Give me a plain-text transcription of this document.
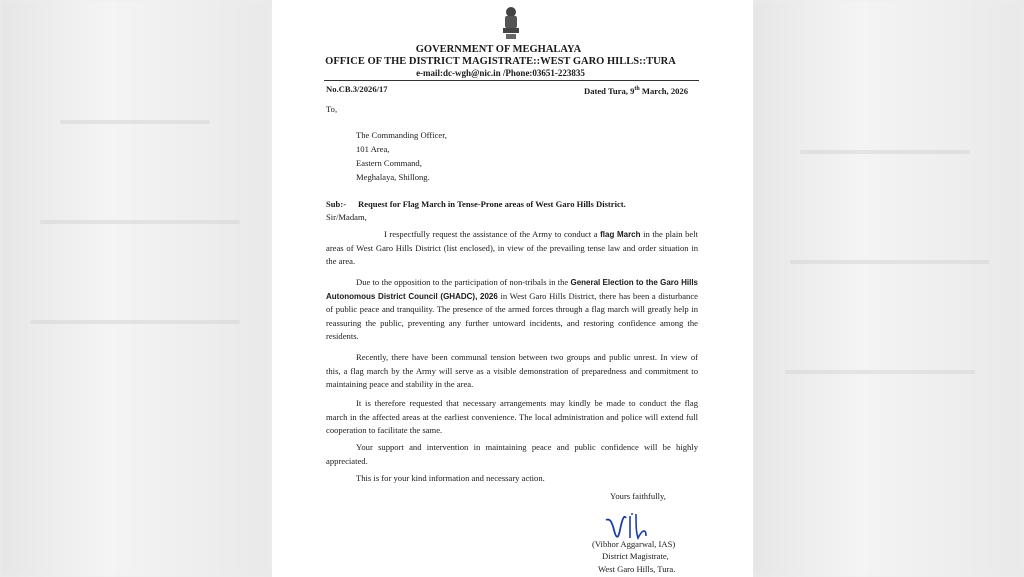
GOVERNMENT OF MEGHALAYA
OFFICE OF THE DISTRICT MAGISTRATE::WEST GARO HILLS::TURA
e-mail:dc-wgh@nic.in /Phone:03651-223835
No.CB.3/2026/17	Dated Tura, 9th March, 2026
To,
The Commanding Officer,
101 Area,
Eastern Command,
Meghalaya, Shillong.
Sub:- Request for Flag March in Tense-Prone areas of West Garo Hills District.
Sir/Madam,
I respectfully request the assistance of the Army to conduct a flag March in the plain belt areas of West Garo Hills District (list enclosed), in view of the prevailing tense law and order situation in the area.
Due to the opposition to the participation of non-tribals in the General Election to the Garo Hills Autonomous District Council (GHADC), 2026 in West Garo Hills District, there has been a disturbance of public peace and tranquility. The presence of the armed forces through a flag march will greatly help in reassuring the public, preventing any further untoward incidents, and restoring confidence among the residents.
Recently, there have been communal tension between two groups and public unrest. In view of this, a flag march by the Army will serve as a visible demonstration of preparedness and commitment to maintaining peace and stability in the area.
It is therefore requested that necessary arrangements may kindly be made to conduct the flag march in the affected areas at the earliest convenience. The local administration and police will extend full cooperation to facilitate the same.
Your support and intervention in maintaining peace and public confidence will be highly appreciated.
This is for your kind information and necessary action.
Yours faithfully,
(Vibhor Aggarwal, IAS)
District Magistrate,
West Garo Hills, Tura.
